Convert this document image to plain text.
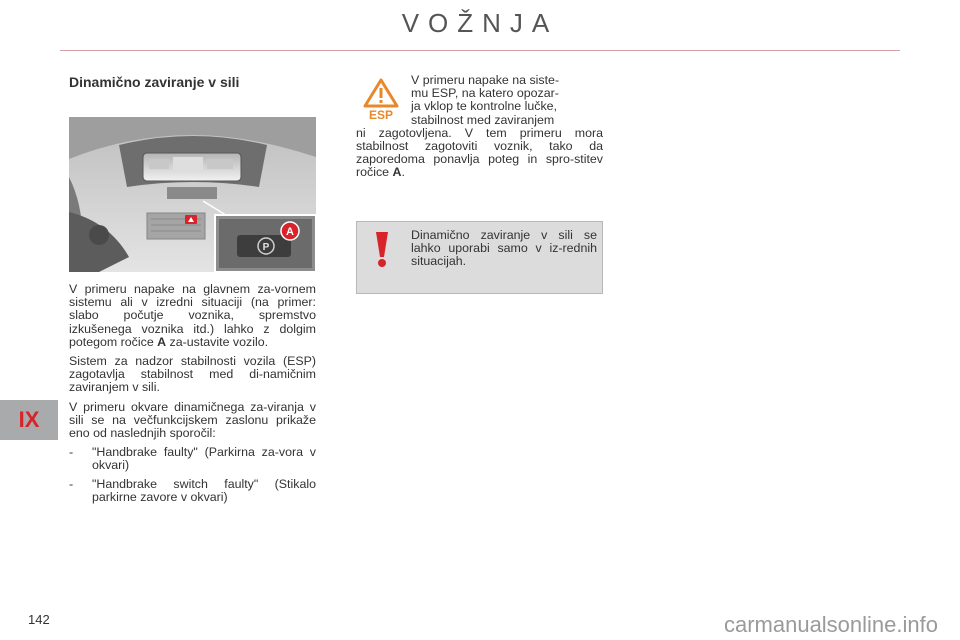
VOŽNJA
IX
142	carmanualsonline.info
Dinamično zaviranje v sili
P
A

V primeru napake na glavnem za-vornem sistemu ali v izredni situaciji (na primer: slabo počutje voznika, spremstvo izkušenega voznika itd.) lahko z dolgim potegom ročice A za-ustavite vozilo.

Sistem za nadzor stabilnosti vozila (ESP) zagotavlja stabilnost med di-namičnim zaviranjem v sili.

V primeru okvare dinamičnega za-viranja v sili se na večfunkcijskem zaslonu prikaže eno od naslednjih sporočil:

- "Handbrake faulty" (Parkirna za-vora v okvari)
- "Handbrake switch faulty" (Stikalo parkirne zavore v okvari)
ESP
V primeru napake na siste-
mu ESP, na katero opozar-
ja vklop te kontrolne lučke,
stabilnost med zaviranjem

ni zagotovljena. V tem primeru mora stabilnost zagotoviti voznik, tako da zaporedoma ponavlja poteg in spro-stitev ročice A.

Dinamično zaviranje v sili se lahko uporabi samo v iz-rednih situacijah.
